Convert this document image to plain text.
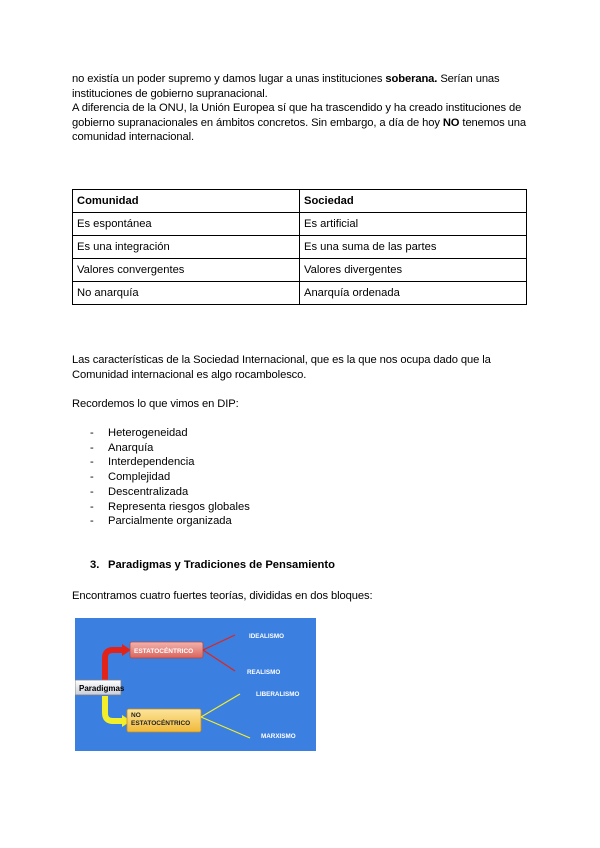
no existía un poder supremo y damos lugar a unas instituciones soberana. Serían unas instituciones de gobierno supranacional.
A diferencia de la ONU, la Unión Europea sí que ha trascendido y ha creado instituciones de gobierno supranacionales en ámbitos concretos. Sin embargo, a día de hoy NO tenemos una comunidad internacional.
Comunidad	Sociedad
Es espontánea	Es artificial
Es una integración	Es una suma de las partes
Valores convergentes	Valores divergentes
No anarquía	Anarquía ordenada
Las características de la Sociedad Internacional, que es la que nos ocupa dado que la Comunidad internacional es algo rocambolesco.
Recordemos lo que vimos en DIP:
- Heterogeneidad
- Anarquía
- Interdependencia
- Complejidad
- Descentralizada
- Representa riesgos globales
- Parcialmente organizada
3. Paradigmas y Tradiciones de Pensamiento
Encontramos cuatro fuertes teorías, divididas en dos bloques:
Paradigmas
ESTATOCÉNTRICO
NO
ESTATOCÉNTRICO
IDEALISMO
REALISMO
LIBERALISMO
MARXISMO
